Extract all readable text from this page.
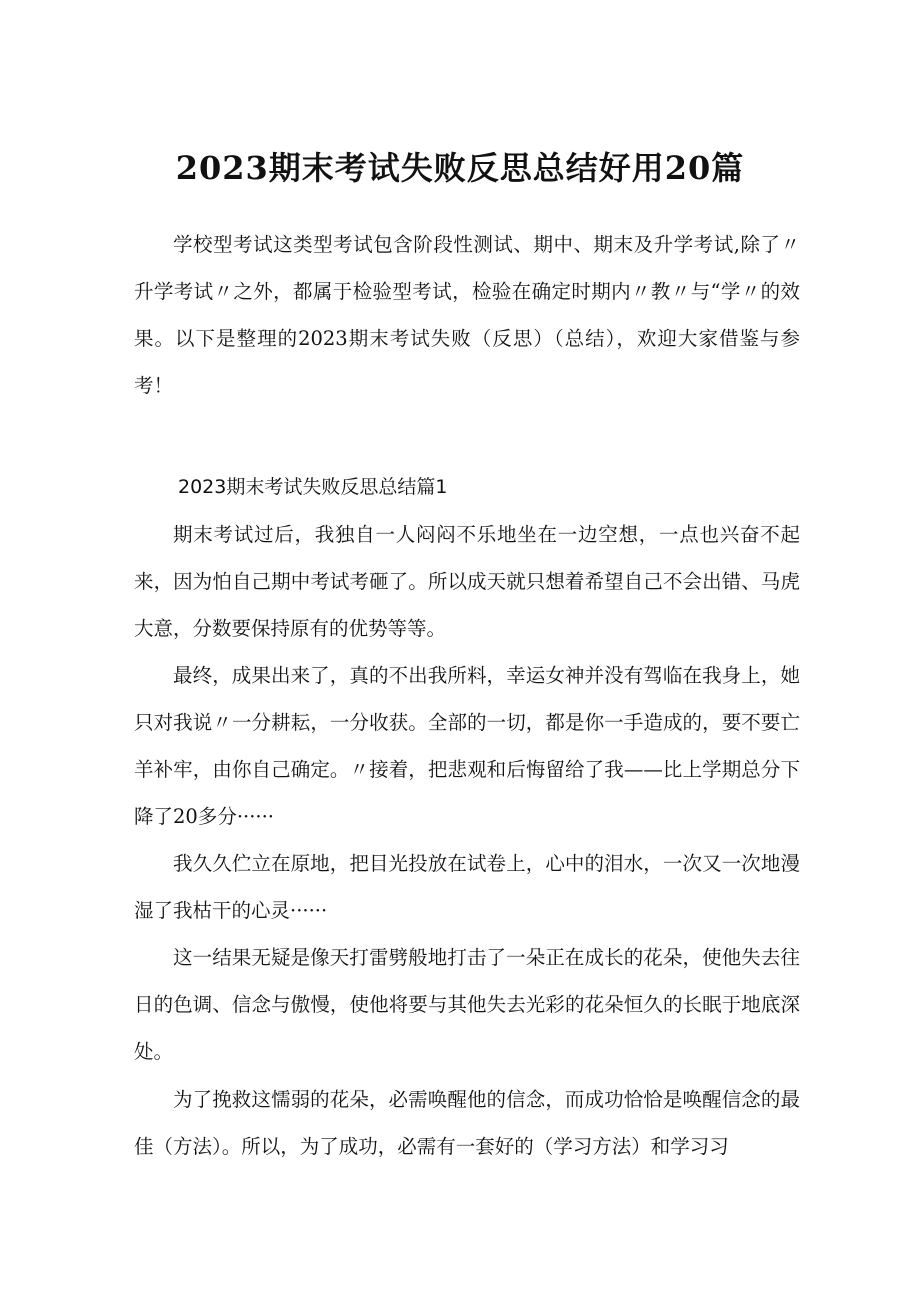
2023期末考试失败反思总结好用20篇

学校型考试这类型考试包含阶段性测试、期中、期末及升学考试,除了〃升学考试〃之外，都属于检验型考试，检验在确定时期内〃教〃与“学〃的效果。以下是整理的2023期末考试失败（反思）（总结），欢迎大家借鉴与参考！

2023期末考试失败反思总结篇1

期末考试过后，我独自一人闷闷不乐地坐在一边空想，一点也兴奋不起来，因为怕自己期中考试考砸了。所以成天就只想着希望自己不会出错、马虎大意，分数要保持原有的优势等等。

最终，成果出来了，真的不出我所料，幸运女神并没有驾临在我身上，她只对我说〃一分耕耘，一分收获。全部的一切，都是你一手造成的，要不要亡羊补牢，由你自己确定。〃接着，把悲观和后悔留给了我——比上学期总分下降了20多分······

我久久伫立在原地，把目光投放在试卷上，心中的泪水，一次又一次地漫湿了我枯干的心灵······

这一结果无疑是像天打雷劈般地打击了一朵正在成长的花朵，使他失去往日的色调、信念与傲慢，使他将要与其他失去光彩的花朵恒久的长眠于地底深处。

为了挽救这懦弱的花朵，必需唤醒他的信念，而成功恰恰是唤醒信念的最佳（方法）。所以，为了成功，必需有一套好的（学习方法）和学习习
